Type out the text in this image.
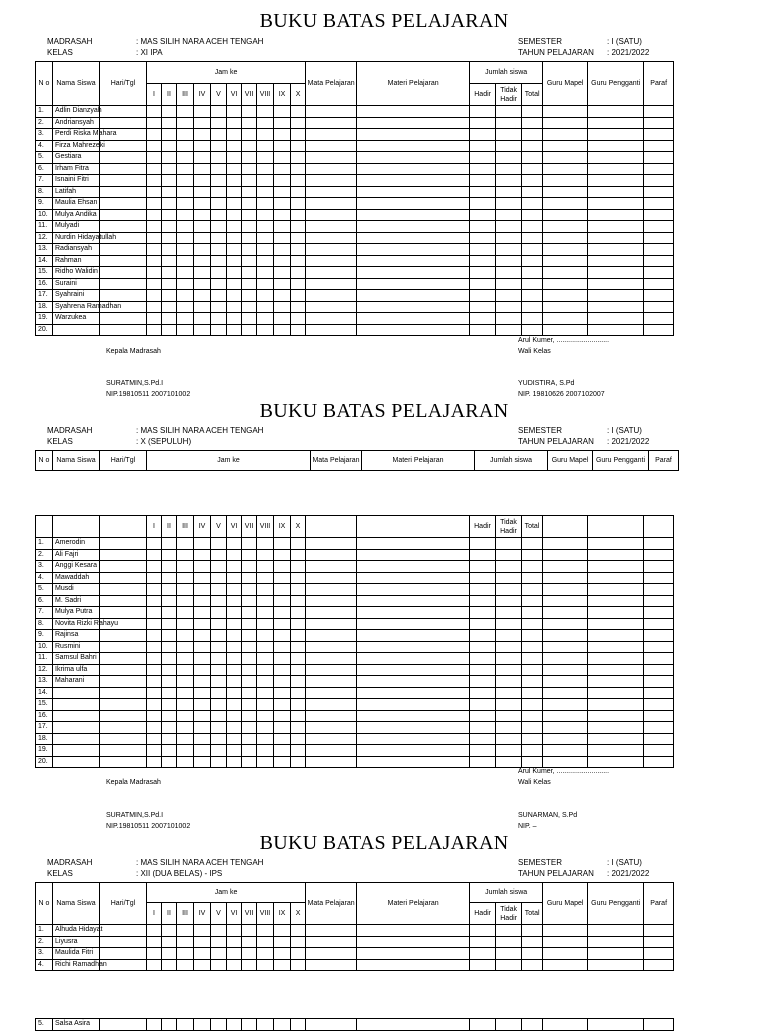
BUKU BATAS PELAJARAN
MADRASAH	: MAS SILIH NARA ACEH TENGAH
KELAS	: XI IPA
SEMESTER	: I (SATU)
TAHUN PELAJARAN : 2021/2022
N o	Nama Siswa	Hari/Tgl	Jam ke										Mata Pelajaran	Materi Pelajaran	Jumlah siswa			Guru Mapel	Guru Pengganti	Paraf
			I	II	III	IV	V	VI	VII	VIII	IX	X			Hadir	Tidak Hadir	Total			
1.	Adlin Dianzyah																			
2.	Andriansyah																			
3.	Perdi Riska Mahara																			
4.	Firza Mahrezeki																			
5.	Gestiara																			
6.	Irham Fitra																			
7.	Isnaini Fitri																			
8.	Latifah																			
9.	Maulia Ehsan																			
10.	Mulya Andika																			
11.	Mulyadi																			
12.	Nurdin Hidayatullah																			
13.	Radiansyah																			
14.	Rahman																			
15.	Ridho Walidin																			
16.	Suraini																			
17.	Syahraini																			
18.	Syahrena Ramadhan																			
19.	Warzukea																			
20.																				
Arul Kumer, ...........................
Kepala Madrasah	Wali Kelas
SURATMIN,S.Pd.I
NIP.19810511 2007101002
YUDISTIRA, S.Pd
NIP. 19810626 2007102007
BUKU BATAS PELAJARAN
MADRASAH	: MAS SILIH NARA ACEH TENGAH
KELAS	: X (SEPULUH)
SEMESTER	: I (SATU)
TAHUN PELAJARAN : 2021/2022
N o	Nama Siswa	Hari/Tgl	Jam ke	Mata Pelajaran	Materi Pelajaran	Jumlah siswa	Guru Mapel	Guru Pengganti	Paraf
			I	II	III	IV	V	VI	VII	VIII	IX	X			Hadir	Tidak Hadir	Total			
1.	Amerodin																			
2.	Ali Fajri																			
3.	Anggi Kesara																			
4.	Mawaddah																			
5.	Musdi																			
6.	M. Sadri																			
7.	Mulya Putra																			
8.	Novita Rizki Rahayu																			
9.	Rajinsa																			
10.	Rusmini																			
11.	Samsul Bahri																			
12.	Ikrima ulfa																			
13.	Maharani																			
14.																				
15.																				
16.																				
17.																				
18.																				
19.																				
20.																				
Arul Kumer, ...........................
Kepala Madrasah	Wali Kelas
SURATMIN,S.Pd.I
NIP.19810511 2007101002
SUNARMAN, S.Pd
NIP. –
BUKU BATAS PELAJARAN
MADRASAH	: MAS SILIH NARA ACEH TENGAH
KELAS	: XII (DUA BELAS) - IPS
SEMESTER	: I (SATU)
TAHUN PELAJARAN : 2021/2022
N o	Nama Siswa	Hari/Tgl	Jam ke										Mata Pelajaran	Materi Pelajaran	Jumlah siswa			Guru Mapel	Guru Pengganti	Paraf
			I	II	III	IV	V	VI	VII	VIII	IX	X			Hadir	Tidak Hadir	Total			
1.	Alhuda Hidayat																			
2.	Liyusra																			
3.	Maulida Fitri																			
4.	Richi Ramadhan																			
5.	Salsa Asira																			
